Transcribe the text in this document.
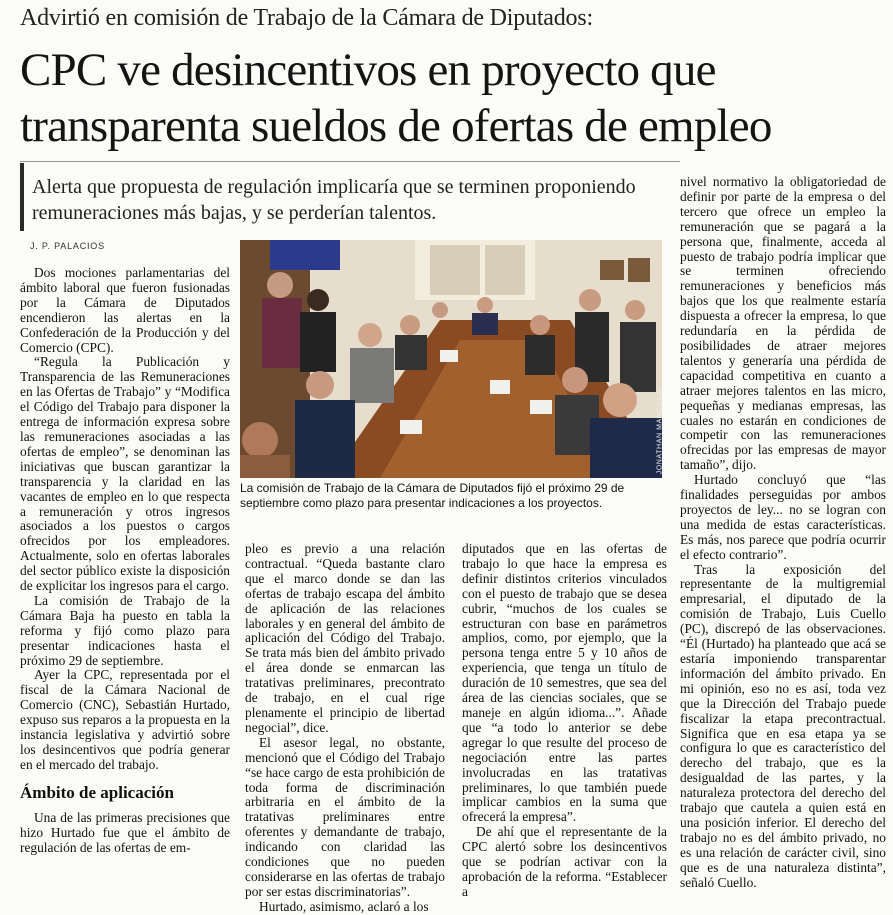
Advirtió en comisión de Trabajo de la Cámara de Diputados:
CPC ve desincentivos en proyecto que
transparenta sueldos de ofertas de empleo
Alerta que propuesta de regulación implicaría que se terminen proponiendo remuneraciones más bajas, y se perderían talentos.
J. P. PALACIOS

Dos mociones parlamentarias del ámbito laboral que fueron fusionadas por la Cámara de Diputados encendieron las alertas en la Confederación de la Producción y del Comercio (CPC).

“Regula la Publicación y Transparencia de las Remuneraciones en las Ofertas de Trabajo” y “Modifica el Código del Trabajo para disponer la entrega de información expresa sobre las remuneraciones asociadas a las ofertas de empleo”, se denominan las iniciativas que buscan garantizar la transparencia y la claridad en las vacantes de empleo en lo que respecta a remuneración y otros ingresos asociados a los puestos o cargos ofrecidos por los empleadores. Actualmente, solo en ofertas laborales del sector público existe la disposición de explicitar los ingresos para el cargo.

La comisión de Trabajo de la Cámara Baja ha puesto en tabla la reforma y fijó como plazo para presentar indicaciones hasta el próximo 29 de septiembre.

Ayer la CPC, representada por el fiscal de la Cámara Nacional de Comercio (CNC), Sebastián Hurtado, expuso sus reparos a la propuesta en la instancia legislativa y advirtió sobre los desincentivos que podría generar en el mercado del trabajo.

Ámbito de aplicación

Una de las primeras precisiones que hizo Hurtado fue que el ámbito de regulación de las ofertas de em-

JONATHAN MANCILLA
La comisión de Trabajo de la Cámara de Diputados fijó el próximo 29 de septiembre como plazo para presentar indicaciones a los proyectos.

pleo es previo a una relación contractual. “Queda bastante claro que el marco donde se dan las ofertas de trabajo escapa del ámbito de aplicación de las relaciones laborales y en general del ámbito de aplicación del Código del Trabajo. Se trata más bien del ámbito privado el área donde se enmarcan las tratativas preliminares, precontrato de trabajo, en el cual rige plenamente el principio de libertad negocial”, dice.

El asesor legal, no obstante, mencionó que el Código del Trabajo “se hace cargo de esta prohibición de toda forma de discriminación arbitraria en el ámbito de la tratativas preliminares entre oferentes y demandante de trabajo, indicando con claridad las condiciones que no pueden considerarse en las ofertas de trabajo por ser estas discriminatorias”.

Hurtado, asimismo, aclaró a los

diputados que en las ofertas de trabajo lo que hace la empresa es definir distintos criterios vinculados con el puesto de trabajo que se desea cubrir, “muchos de los cuales se estructuran con base en parámetros amplios, como, por ejemplo, que la persona tenga entre 5 y 10 años de experiencia, que tenga un título de duración de 10 semestres, que sea del área de las ciencias sociales, que se maneje en algún idioma...”. Añade que “a todo lo anterior se debe agregar lo que resulte del proceso de negociación entre las partes involucradas en las tratativas preliminares, lo que también puede implicar cambios en la suma que ofrecerá la empresa”.

De ahí que el representante de la CPC alertó sobre los desincentivos que se podrían activar con la aprobación de la reforma. “Establecer a

nivel normativo la obligatoriedad de definir por parte de la empresa o del tercero que ofrece un empleo la remuneración que se pagará a la persona que, finalmente, acceda al puesto de trabajo podría implicar que se terminen ofreciendo remuneraciones y beneficios más bajos que los que realmente estaría dispuesta a ofrecer la empresa, lo que redundaría en la pérdida de posibilidades de atraer mejores talentos y generaría una pérdida de capacidad competitiva en cuanto a atraer mejores talentos en las micro, pequeñas y medianas empresas, las cuales no estarán en condiciones de competir con las remuneraciones ofrecidas por las empresas de mayor tamaño”, dijo.

Hurtado concluyó que “las finalidades perseguidas por ambos proyectos de ley... no se logran con una medida de estas características. Es más, nos parece que podría ocurrir el efecto contrario”.

Tras la exposición del representante de la multigremial empresarial, el diputado de la comisión de Trabajo, Luis Cuello (PC), discrepó de las observaciones. “Él (Hurtado) ha planteado que acá se estaría imponiendo transparentar información del ámbito privado. En mi opinión, eso no es así, toda vez que la Dirección del Trabajo puede fiscalizar la etapa precontractual. Significa que en esa etapa ya se configura lo que es característico del derecho del trabajo, que es la desigualdad de las partes, y la naturaleza protectora del derecho del trabajo que cautela a quien está en una posición inferior. El derecho del trabajo no es del ámbito privado, no es una relación de carácter civil, sino que es de una naturaleza distinta”, señaló Cuello.
